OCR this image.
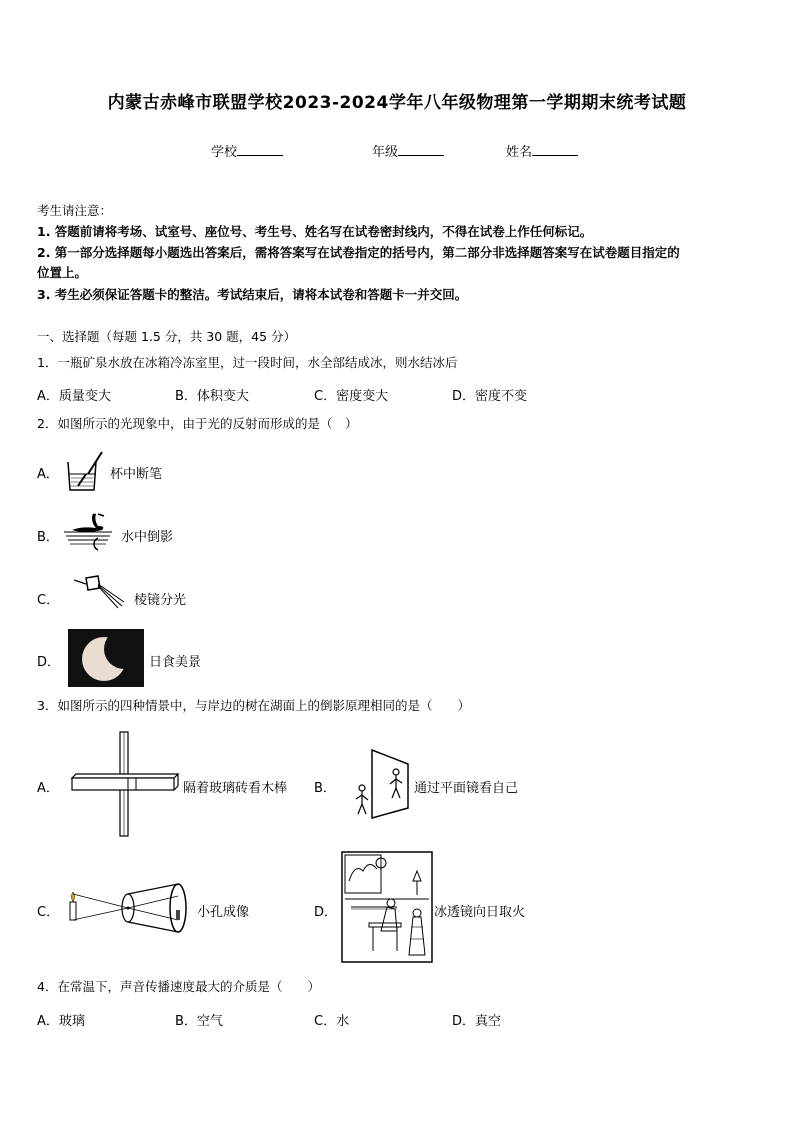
内蒙古赤峰市联盟学校2023-2024学年八年级物理第一学期期末统考试题
学校	年级	姓名
考生请注意：
1. 答题前请将考场、试室号、座位号、考生号、姓名写在试卷密封线内，不得在试卷上作任何标记。
2. 第一部分选择题每小题选出答案后，需将答案写在试卷指定的括号内，第二部分非选择题答案写在试卷题目指定的
位置上。
3. 考生必须保证答题卡的整洁。考试结束后，请将本试卷和答题卡一并交回。
一、选择题（每题 1.5 分，共 30 题，45 分）
1．一瓶矿泉水放在冰箱冷冻室里，过一段时间，水全部结成冰，则水结冰后
A．质量变大	B．体积变大	C．密度变大	D．密度不变
2．如图所示的光现象中，由于光的反射而形成的是（　）
A．	杯中断笔
B．	水中倒影
C．	棱镜分光
D．	日食美景
3．如图所示的四种情景中，与岸边的树在湖面上的倒影原理相同的是（　　）
A．	隔着玻璃砖看木棒 B．	通过平面镜看自己
C．	小孔成像	D．	冰透镜向日取火
4．在常温下，声音传播速度最大的介质是（　　）
A．玻璃	B．空气	C．水	D．真空
